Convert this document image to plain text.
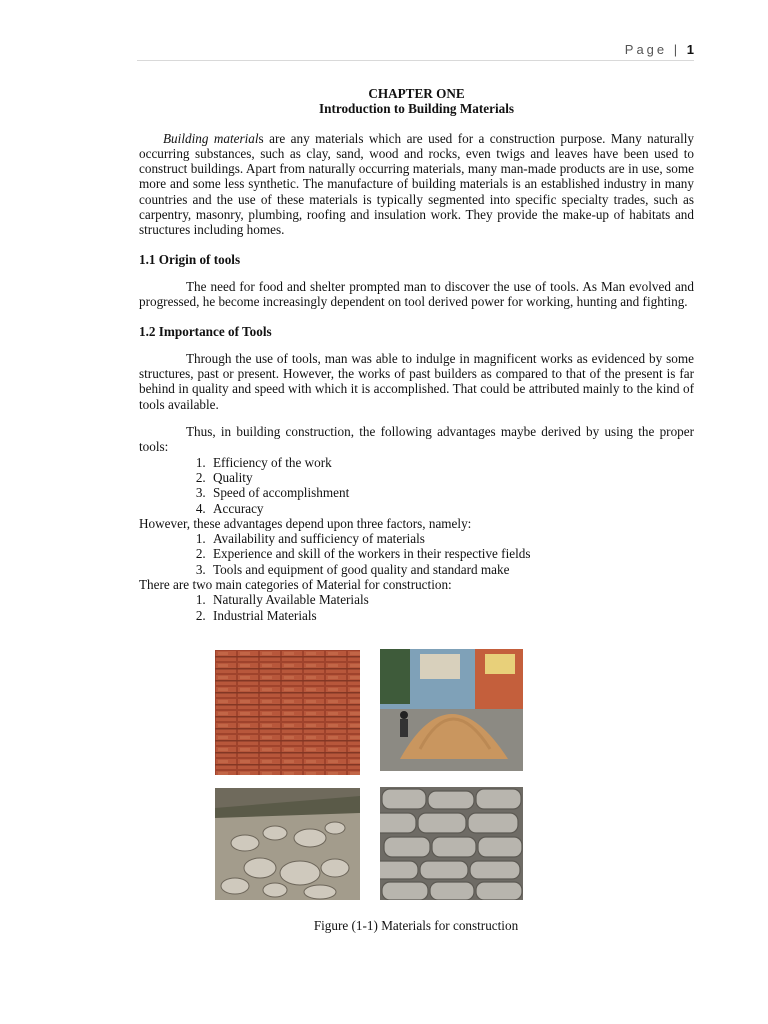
Page | 1

CHAPTER ONE

Introduction to Building Materials

Building materials are any materials which are used for a construction purpose. Many naturally occurring substances, such as clay, sand, wood and rocks, even twigs and leaves have been used to construct buildings. Apart from naturally occurring materials, many man-made products are in use, some more and some less synthetic. The manufacture of building materials is an established industry in many countries and the use of these materials is typically segmented into specific specialty trades, such as carpentry, masonry, plumbing, roofing and insulation work. They provide the make-up of habitats and structures including homes.

1.1 Origin of tools

The need for food and shelter prompted man to discover the use of tools. As Man evolved and progressed, he become increasingly dependent on tool derived power for working, hunting and fighting.

1.2 Importance of Tools

Through the use of tools, man was able to indulge in magnificent works as evidenced by some structures, past or present. However, the works of past builders as compared to that of the present is far behind in quality and speed with which it is accomplished. That could be attributed mainly to the kind of tools available.

Thus, in building construction, the following advantages maybe derived by using the proper tools:

1. Efficiency of the work
2. Quality
3. Speed of accomplishment
4. Accuracy

However, these advantages depend upon three factors, namely:

1. Availability and sufficiency of materials
2. Experience and skill of the workers in their respective fields
3. Tools and equipment of good quality and standard make

There are two main categories of Material for construction:

1. Naturally Available Materials
2. Industrial Materials
Figure (1-1) Materials for construction
